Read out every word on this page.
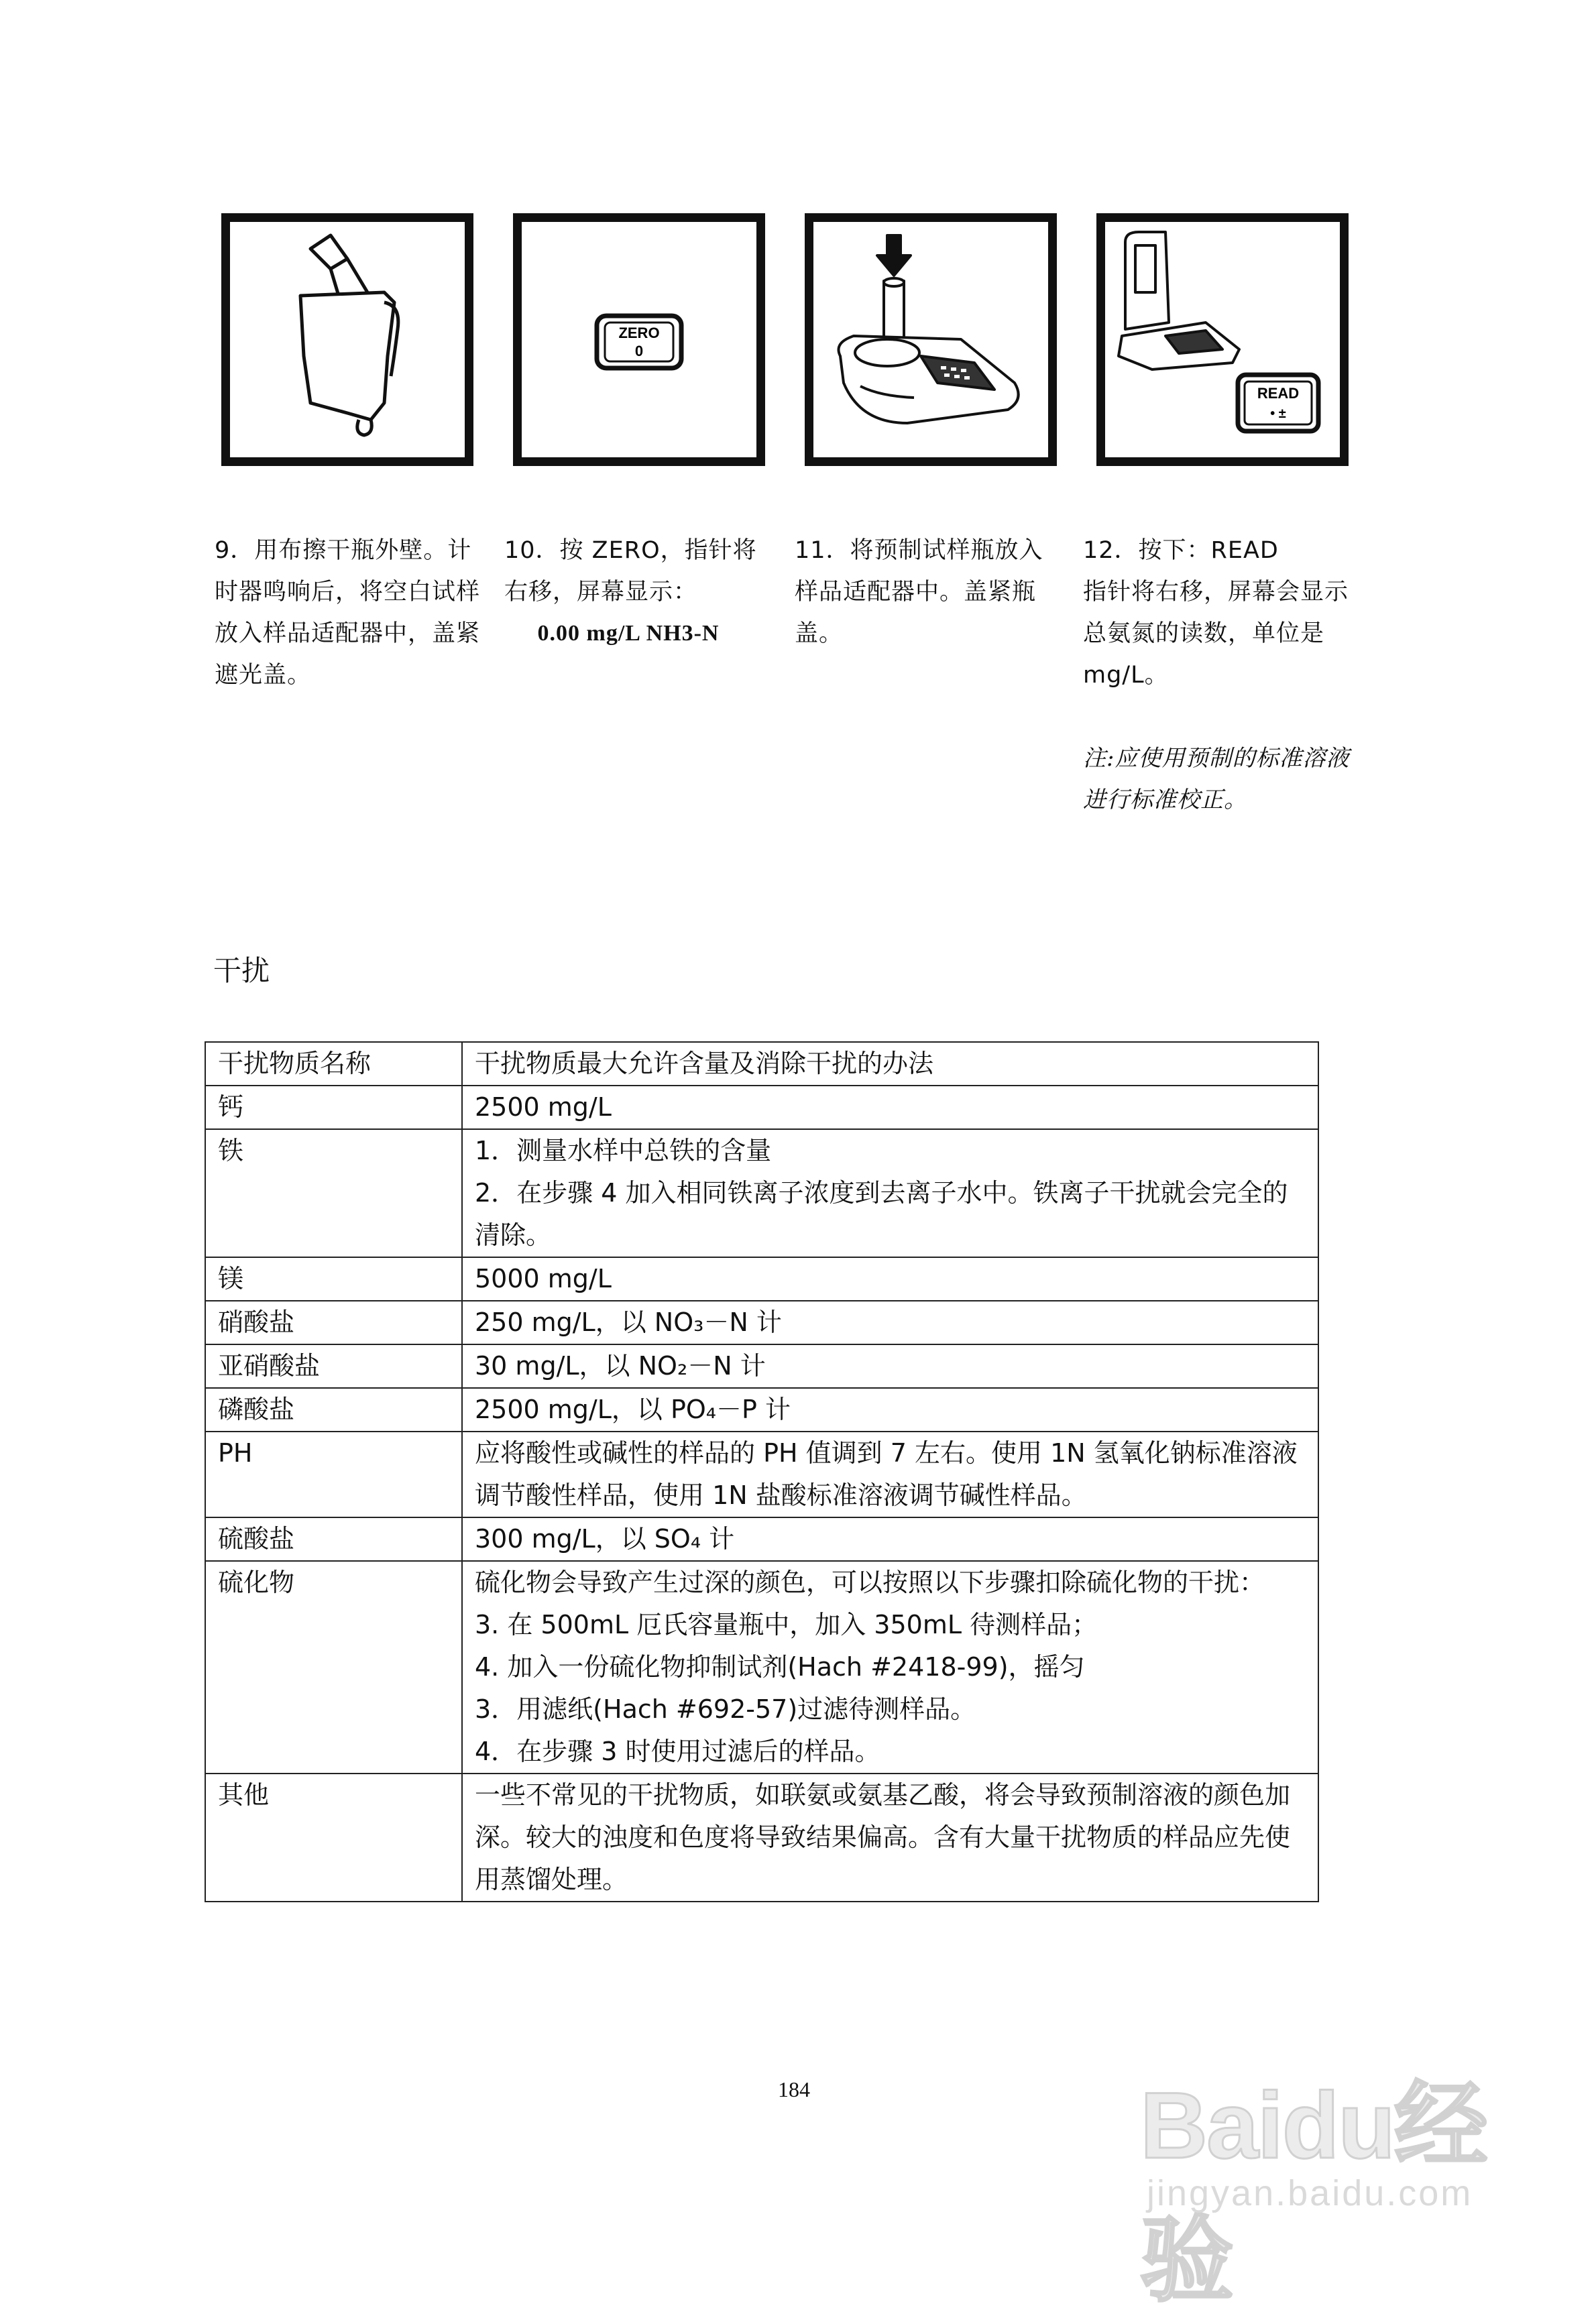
ZERO
0
READ
• ±

9．用布擦干瓶外壁。计时器鸣响后，将空白试样放入样品适配器中，盖紧遮光盖。

10．按 ZERO，指针将右移，屏幕显示：

0.00 mg/L NH3-N

11．将预制试样瓶放入样品适配器中。盖紧瓶盖。

12．按下：READ

指针将右移，屏幕会显示总氨氮的读数，单位是 mg/L。

注:应使用预制的标准溶液进行标准校正。

干扰
干扰物质名称	干扰物质最大允许含量及消除干扰的办法
钙	2500 mg/L

铁	1．测量水样中总铁的含量
2．在步骤 4 加入相同铁离子浓度到去离子水中。铁离子干扰就会完全的清除。

镁	5000 mg/L

硝酸盐	250 mg/L，以 NO₃－N 计

亚硝酸盐	30 mg/L，以 NO₂－N 计

磷酸盐	2500 mg/L，以 PO₄－P 计

PH	应将酸性或碱性的样品的 PH 值调到 7 左右。使用 1N 氢氧化钠标准溶液调节酸性样品，使用 1N 盐酸标准溶液调节碱性样品。

硫酸盐	300 mg/L，以 SO₄ 计

硫化物	硫化物会导致产生过深的颜色，可以按照以下步骤扣除硫化物的干扰：
3. 在 500mL 厄氏容量瓶中，加入 350mL 待测样品；
4. 加入一份硫化物抑制试剂(Hach #2418-99)，摇匀
3．用滤纸(Hach #692-57)过滤待测样品。
4．在步骤 3 时使用过滤后的样品。

其他	一些不常见的干扰物质，如联氨或氨基乙酸，将会导致预制溶液的颜色加深。较大的浊度和色度将导致结果偏高。含有大量干扰物质的样品应先使用蒸馏处理。
184	Baidu经验
jingyan.baidu.com
